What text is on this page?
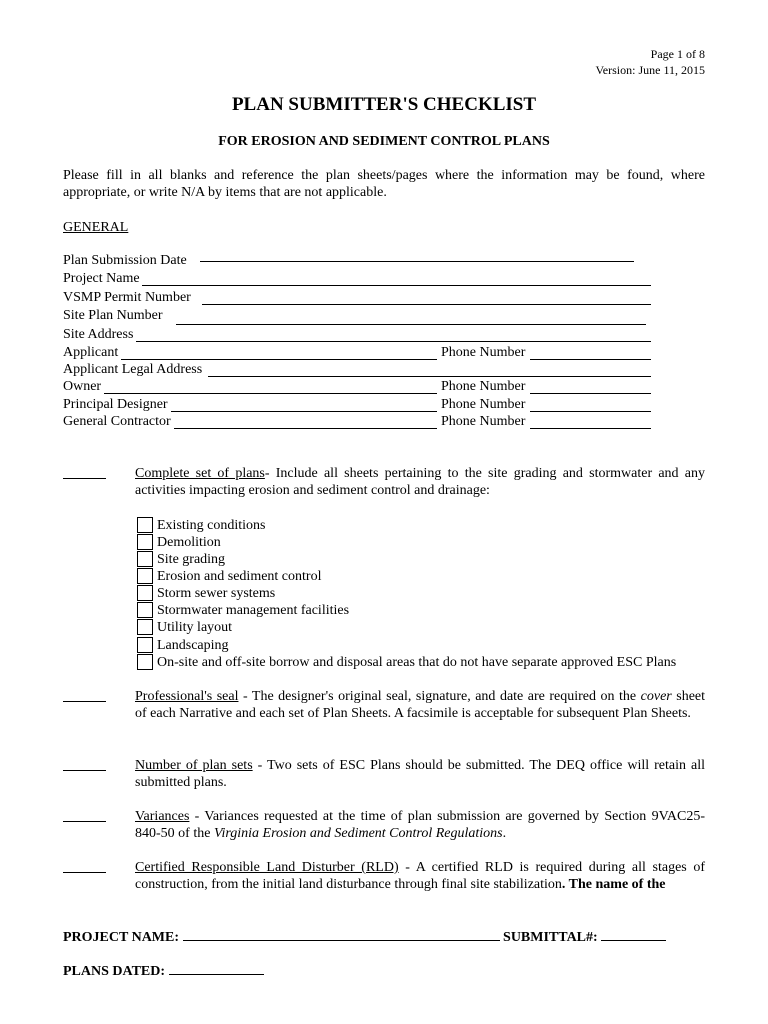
Page 1 of 8
Version: June 11, 2015
PLAN SUBMITTER'S CHECKLIST
FOR EROSION AND SEDIMENT CONTROL PLANS
Please fill in all blanks and reference the plan sheets/pages where the information may be found, where appropriate, or write N/A by items that are not applicable.
GENERAL
Plan Submission Date
Project Name
VSMP Permit Number
Site Plan Number
Site Address
Applicant	Phone Number
Applicant Legal Address
Owner	Phone Number
Principal Designer	Phone Number
General Contractor	Phone Number
Complete set of plans- Include all sheets pertaining to the site grading and stormwater and any activities impacting erosion and sediment control and drainage:
Existing conditions
Demolition
Site grading
Erosion and sediment control
Storm sewer systems
Stormwater management facilities
Utility layout
Landscaping
On-site and off-site borrow and disposal areas that do not have separate approved ESC Plans
Professional's seal - The designer's original seal, signature, and date are required on the cover sheet of each Narrative and each set of Plan Sheets. A facsimile is acceptable for subsequent Plan Sheets.
Number of plan sets - Two sets of ESC Plans should be submitted. The DEQ office will retain all submitted plans.
Variances - Variances requested at the time of plan submission are governed by Section 9VAC25-840-50 of the Virginia Erosion and Sediment Control Regulations.
Certified Responsible Land Disturber (RLD) - A certified RLD is required during all stages of construction, from the initial land disturbance through final site stabilization. The name of the
PROJECT NAME:	SUBMITTAL#:
PLANS DATED:
